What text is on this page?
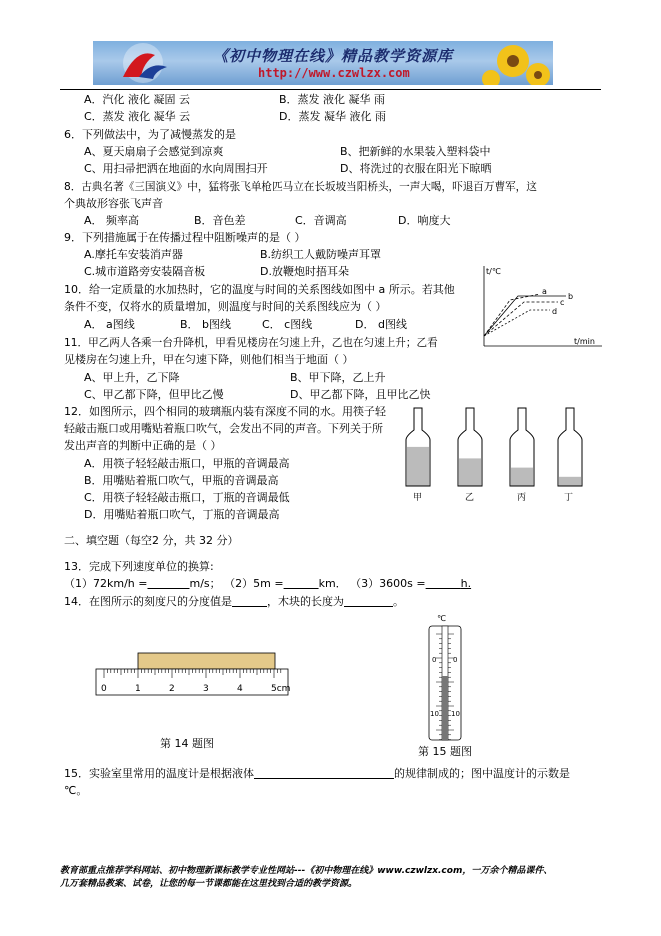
《初中物理在线》精品教学资源库
http://www.czwlzx.com
A．汽化 液化 凝固 云	B．蒸发 液化 凝华 雨
C．蒸发 液化 凝华 云	D．蒸发 凝华 液化 雨
6．下列做法中，为了减慢蒸发的是
A、夏天扇扇子会感觉到凉爽	B、把新鲜的水果装入塑料袋中
C、用扫帚把洒在地面的水向周围扫开	D、将洗过的衣服在阳光下晾晒
8．古典名著《三国演义》中，猛将张飞单枪匹马立在长坂坡当阳桥头，一声大喝，吓退百万曹军，这
个典故形容张飞声音
A． 频率高	B．音色差	C．音调高	D．响度大
9．下列措施属于在传播过程中阻断噪声的是（ ）
A.摩托车安装消声器	B.纺织工人戴防噪声耳罩
C.城市道路旁安装隔音板	D.放鞭炮时捂耳朵
10．给一定质量的水加热时，它的温度与时间的关系图线如图中 a 所示。若其他
条件不变，仅将水的质量增加，则温度与时间的关系图线应为（ ）
A． a图线	B． b图线	C． c图线	D． d图线
t/℃
t/min
a
b
c
d
11．甲乙两人各乘一台升降机，甲看见楼房在匀速上升，乙也在匀速上升；乙看
见楼房在匀速上升，甲在匀速下降，则他们相当于地面（ ）
A、甲上升，乙下降	B、甲下降，乙上升
C、甲乙都下降，但甲比乙慢	D、甲乙都下降，且甲比乙快
12．如图所示，四个相同的玻璃瓶内装有深度不同的水。用筷子轻
轻敲击瓶口或用嘴贴着瓶口吹气，会发出不同的声音。下列关于所
发出声音的判断中正确的是（ ）
A．用筷子轻轻敲击瓶口，甲瓶的音调最高
B．用嘴贴着瓶口吹气，甲瓶的音调最高
C．用筷子轻轻敲击瓶口，丁瓶的音调最低
D．用嘴贴着瓶口吹气，丁瓶的音调最高
甲	乙	丙	丁
二、填空题（每空2 分，共 32 分）
13．完成下列速度单位的换算:
（1）72km/h =      	m/s； （2）5m =     	km． （3）3600s =     	h.
14．在图所示的刻度尺的分度值是     	，木块的长度为       	。
0	1	2	3	4	5cm
第 14 题图
℃
0 0
10 10
第 15 题图
15．实验室里常用的温度计是根据液体                    	的规律制成的；图中温度计的示数是
℃。
教育部重点推荐学科网站、初中物理新课标教学专业性网站---《初中物理在线》www.czwlzx.com，一万余个精品课件、
几万套精品教案、试卷，让您的每一节课都能在这里找到合适的教学资源。
